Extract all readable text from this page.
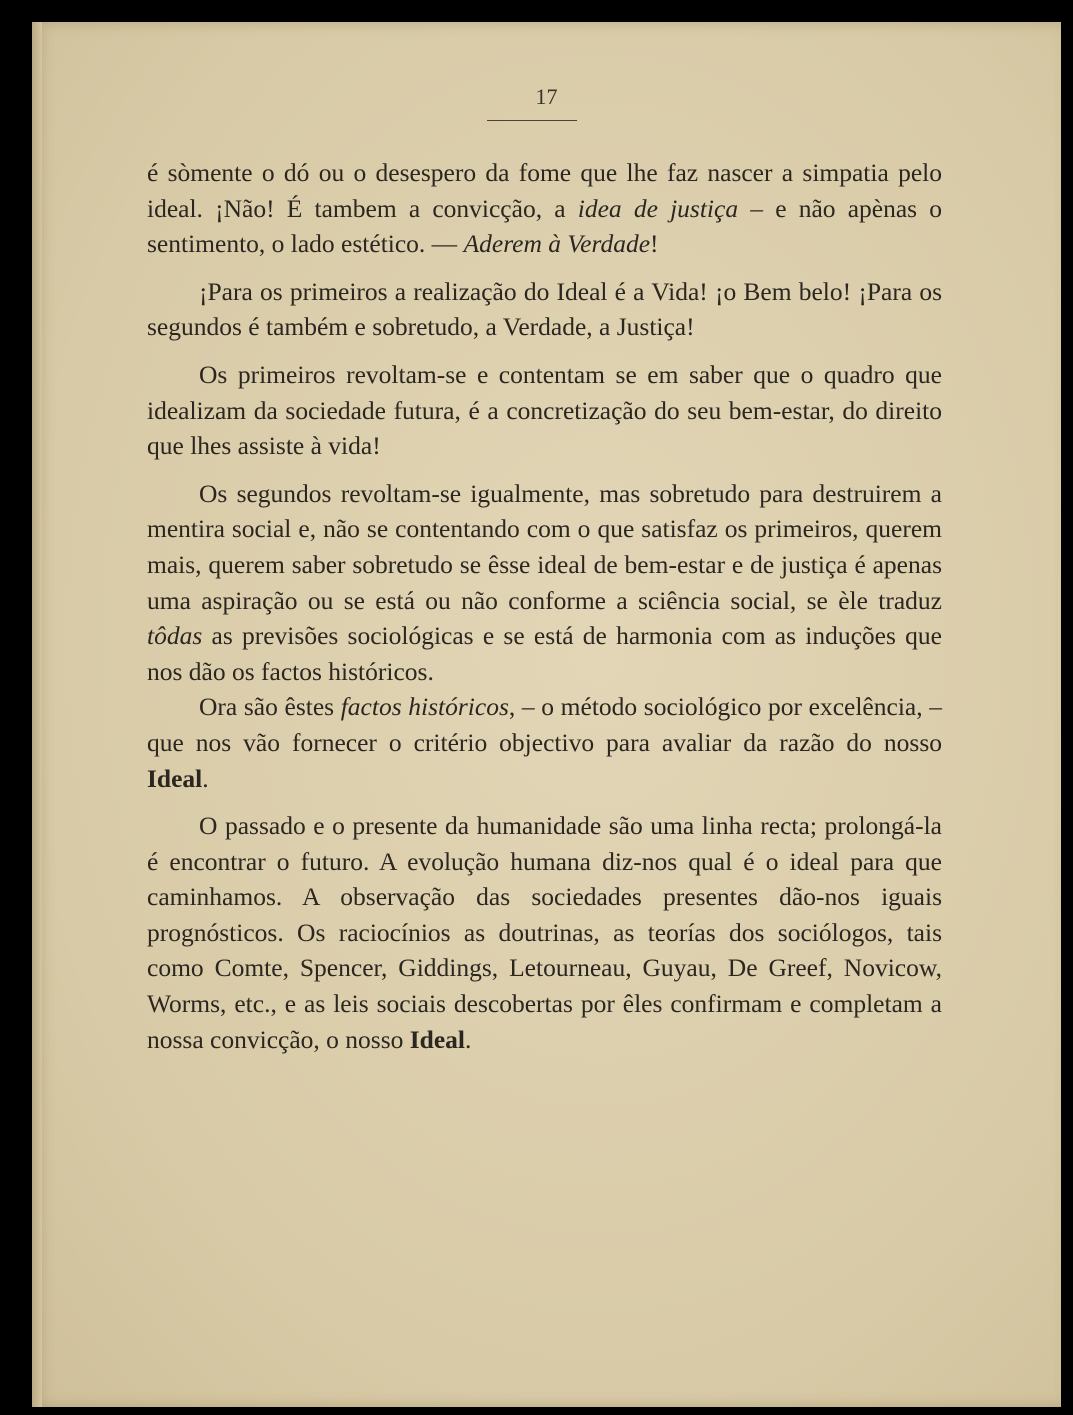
17

é sòmente o dó ou o desespero da fome que lhe faz nascer a simpatia pelo ideal. ¡Não! É tambem a convicção, a idea de justiça – e não apènas o sentimento, o lado estético. — Aderem à Verdade!

¡Para os primeiros a realização do Ideal é a Vida! ¡o Bem belo! ¡Para os segundos é também e sobretudo, a Verdade, a Justiça!

Os primeiros revoltam-se e contentam se em saber que o quadro que idealizam da sociedade futura, é a concretização do seu bem-estar, do direito que lhes assiste à vida!

Os segundos revoltam-se igualmente, mas sobretudo para destruirem a mentira social e, não se contentando com o que satisfaz os primeiros, querem mais, querem saber sobretudo se êsse ideal de bem-estar e de justiça é apenas uma aspiração ou se está ou não conforme a sciência social, se èle traduz tôdas as previsões sociológicas e se está de harmonia com as induções que nos dão os factos históricos.

Ora são êstes factos históricos, – o método sociológico por excelência, – que nos vão fornecer o critério objectivo para avaliar da razão do nosso Ideal.

O passado e o presente da humanidade são uma linha recta; prolongá-la é encontrar o futuro. A evolução humana diz-nos qual é o ideal para que caminhamos. A observação das sociedades presentes dão-nos iguais prognósticos. Os raciocínios as doutrinas, as teorías dos sociólogos, tais como Comte, Spencer, Giddings, Letourneau, Guyau, De Greef, Novicow, Worms, etc., e as leis sociais descobertas por êles confirmam e completam a nossa convicção, o nosso Ideal.
